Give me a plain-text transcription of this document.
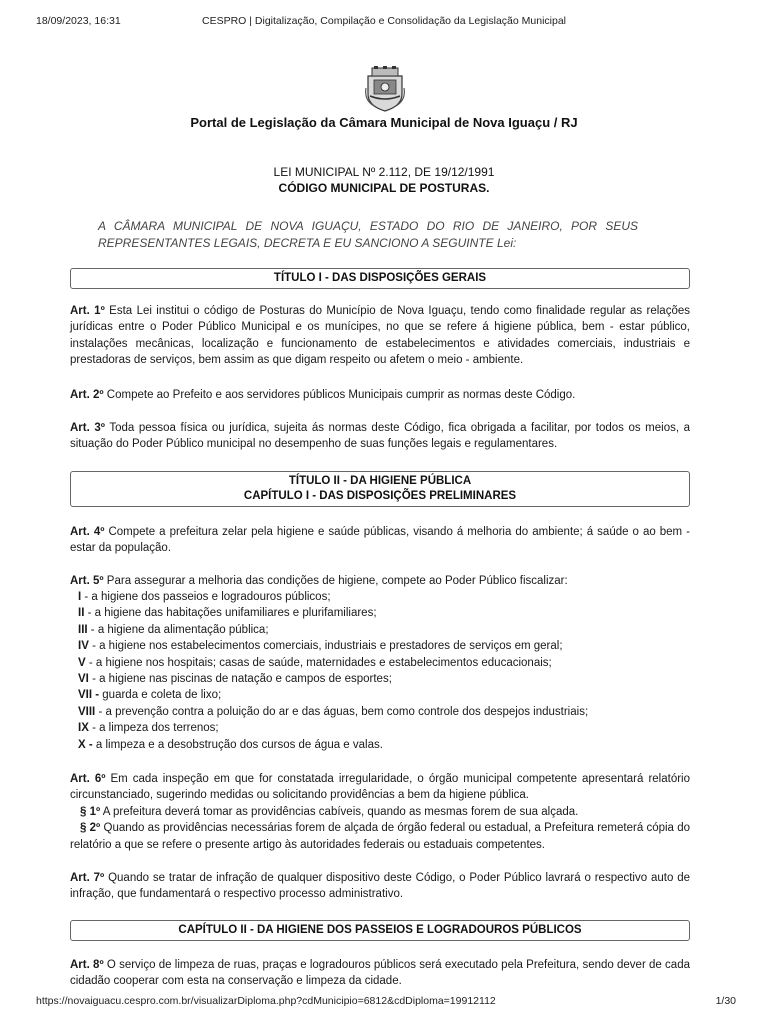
18/09/2023, 16:31	CESPRO | Digitalização, Compilação e Consolidação da Legislação Municipal
Portal de Legislação da Câmara Municipal de Nova Iguaçu / RJ
LEI MUNICIPAL Nº 2.112, DE 19/12/1991
CÓDIGO MUNICIPAL DE POSTURAS.
A CÂMARA MUNICIPAL DE NOVA IGUAÇU, ESTADO DO RIO DE JANEIRO, POR SEUS REPRESENTANTES LEGAIS, DECRETA E EU SANCIONO A SEGUINTE Lei:
TÍTULO I - DAS DISPOSIÇÕES GERAIS
Art. 1º Esta Lei institui o código de Posturas do Município de Nova Iguaçu, tendo como finalidade regular as relações jurídicas entre o Poder Público Municipal e os munícipes, no que se refere á higiene pública, bem - estar público, instalações mecânicas, localização e funcionamento de estabelecimentos e atividades comerciais, industriais e prestadoras de serviços, bem assim as que digam respeito ou afetem o meio - ambiente.
Art. 2º Compete ao Prefeito e aos servidores públicos Municipais cumprir as normas deste Código.
Art. 3º Toda pessoa física ou jurídica, sujeita ás normas deste Código, fica obrigada a facilitar, por todos os meios, a situação do Poder Público municipal no desempenho de suas funções legais e regulamentares.
TÍTULO II - DA HIGIENE PÚBLICA
CAPÍTULO I - DAS DISPOSIÇÕES PRELIMINARES
Art. 4º Compete a prefeitura zelar pela higiene e saúde públicas, visando á melhoria do ambiente; á saúde o ao bem - estar da população.
Art. 5º Para assegurar a melhoria das condições de higiene, compete ao Poder Público fiscalizar:
I - a higiene dos passeios e logradouros públicos;
II - a higiene das habitações unifamiliares e plurifamiliares;
III - a higiene da alimentação pública;
IV - a higiene nos estabelecimentos comerciais, industriais e prestadores de serviços em geral;
V - a higiene nos hospitais; casas de saúde, maternidades e estabelecimentos educacionais;
VI - a higiene nas piscinas de natação e campos de esportes;
VII - guarda e coleta de lixo;
VIII - a prevenção contra a poluição do ar e das águas, bem como controle dos despejos industriais;
IX - a limpeza dos terrenos;
X - a limpeza e a desobstrução dos cursos de água e valas.
Art. 6º Em cada inspeção em que for constatada irregularidade, o órgão municipal competente apresentará relatório circunstanciado, sugerindo medidas ou solicitando providências a bem da higiene pública.
§ 1º A prefeitura deverá tomar as providências cabíveis, quando as mesmas forem de sua alçada.
§ 2º Quando as providências necessárias forem de alçada de órgão federal ou estadual, a Prefeitura remeterá cópia do relatório a que se refere o presente artigo às autoridades federais ou estaduais competentes.
Art. 7º Quando se tratar de infração de qualquer dispositivo deste Código, o Poder Público lavrará o respectivo auto de infração, que fundamentará o respectivo processo administrativo.
CAPÍTULO II - DA HIGIENE DOS PASSEIOS E LOGRADOUROS PÚBLICOS
Art. 8º O serviço de limpeza de ruas, praças e logradouros públicos será executado pela Prefeitura, sendo dever de cada cidadão cooperar com esta na conservação e limpeza da cidade.
https://novaiguacu.cespro.com.br/visualizarDiploma.php?cdMunicipio=6812&cdDiploma=19912112	1/30
